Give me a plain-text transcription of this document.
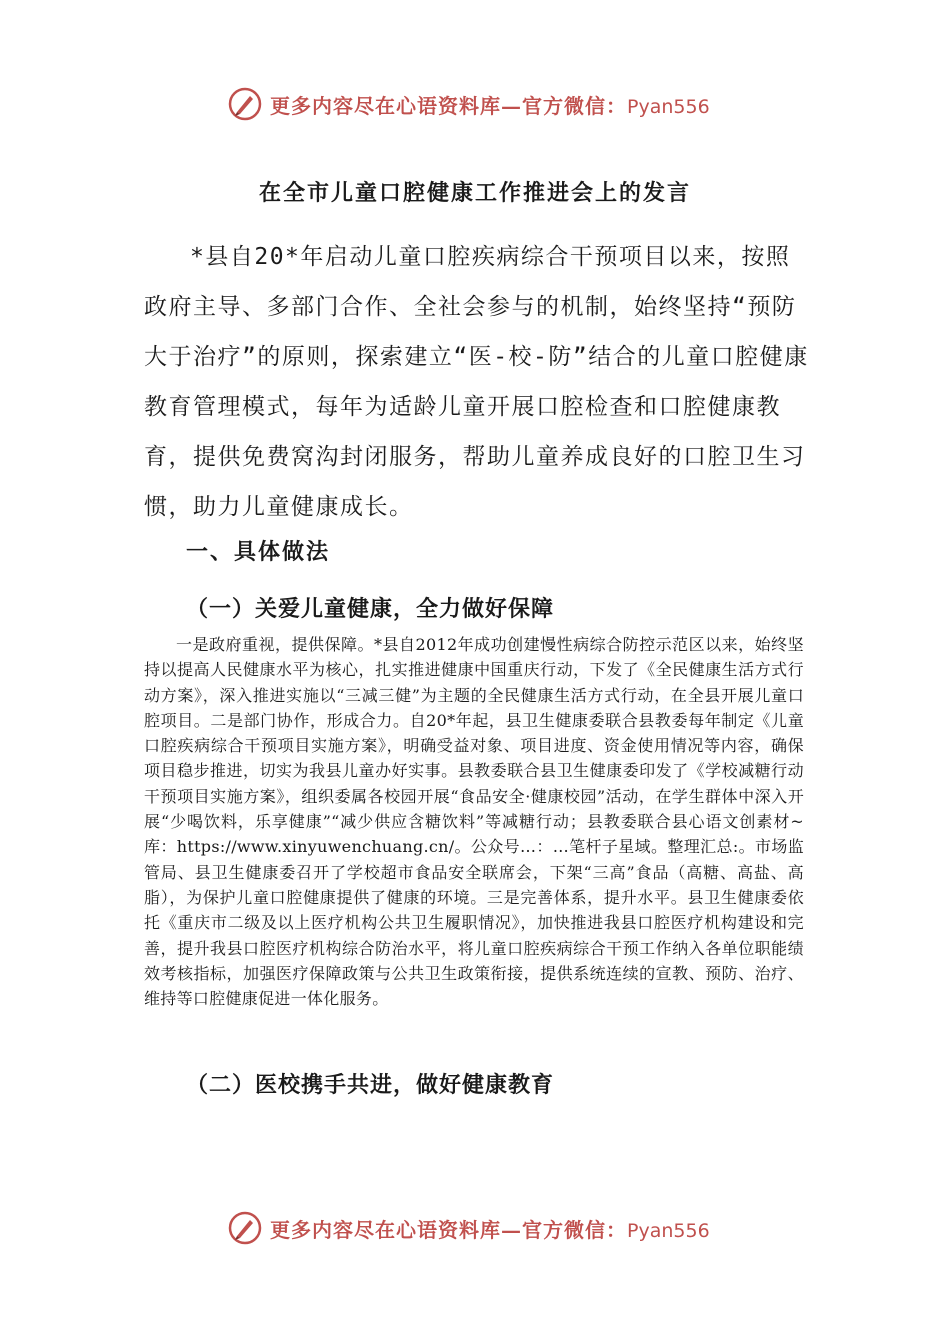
更多内容尽在心语资料库—官方微信：Pyan556
在全市儿童口腔健康工作推进会上的发言

*县自20*年启动儿童口腔疾病综合干预项目以来，按照政府主导、多部门合作、全社会参与的机制，始终坚持“预防大于治疗”的原则，探索建立“医-校-防”结合的儿童口腔健康教育管理模式，每年为适龄儿童开展口腔检查和口腔健康教育，提供免费窝沟封闭服务，帮助儿童养成良好的口腔卫生习惯，助力儿童健康成长。

一、具体做法
（一）关爱儿童健康，全力做好保障

一是政府重视，提供保障。*县自2012年成功创建慢性病综合防控示范区以来，始终坚持以提高人民健康水平为核心，扎实推进健康中国重庆行动，下发了《全民健康生活方式行动方案》，深入推进实施以“三减三健”为主题的全民健康生活方式行动，在全县开展儿童口腔项目。二是部门协作，形成合力。自20*年起，县卫生健康委联合县教委每年制定《儿童口腔疾病综合干预项目实施方案》，明确受益对象、项目进度、资金使用情况等内容，确保项目稳步推进，切实为我县儿童办好实事。县教委联合县卫生健康委印发了《学校减糖行动干预项目实施方案》，组织委属各校园开展“食品安全·健康校园”活动，在学生群体中深入开展“少喝饮料，乐享健康”“减少供应含糖饮料”等减糖行动；县教委联合县心语文创素材~库：https://www.xinyuwenchuang.cn/。公众号…：…笔杆子星域。整理汇总:。市场监管局、县卫生健康委召开了学校超市食品安全联席会，下架“三高”食品（高糖、高盐、高脂），为保护儿童口腔健康提供了健康的环境。三是完善体系，提升水平。县卫生健康委依托《重庆市二级及以上医疗机构公共卫生履职情况》，加快推进我县口腔医疗机构建设和完善，提升我县口腔医疗机构综合防治水平，将儿童口腔疾病综合干预工作纳入各单位职能绩效考核指标，加强医疗保障政策与公共卫生政策衔接，提供系统连续的宣教、预防、治疗、维持等口腔健康促进一体化服务。

（二）医校携手共进，做好健康教育
更多内容尽在心语资料库—官方微信：Pyan556
